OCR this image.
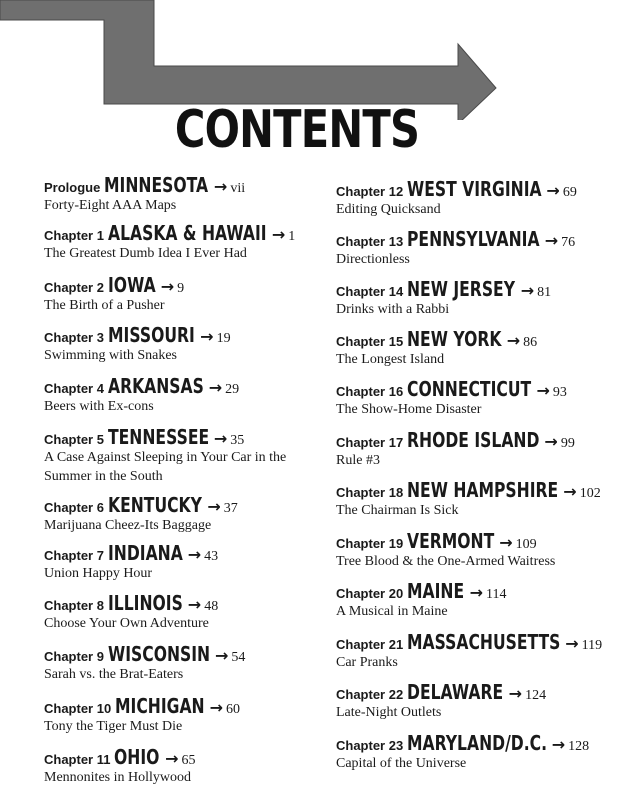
CONTENTS
Prologue MINNESOTA → vii
Forty-Eight AAA Maps
Chapter 1 ALASKA & HAWAII → 1
The Greatest Dumb Idea I Ever Had
Chapter 2 IOWA → 9
The Birth of a Pusher
Chapter 3 MISSOURI → 19
Swimming with Snakes
Chapter 4 ARKANSAS → 29
Beers with Ex-cons
Chapter 5 TENNESSEE → 35
A Case Against Sleeping in Your Car in the Summer in the South
Chapter 6 KENTUCKY → 37
Marijuana Cheez-Its Baggage
Chapter 7 INDIANA → 43
Union Happy Hour
Chapter 8 ILLINOIS → 48
Choose Your Own Adventure
Chapter 9 WISCONSIN → 54
Sarah vs. the Brat-Eaters
Chapter 10 MICHIGAN → 60
Tony the Tiger Must Die
Chapter 11 OHIO → 65
Mennonites in Hollywood
Chapter 12 WEST VIRGINIA → 69
Editing Quicksand
Chapter 13 PENNSYLVANIA → 76
Directionless
Chapter 14 NEW JERSEY → 81
Drinks with a Rabbi
Chapter 15 NEW YORK → 86
The Longest Island
Chapter 16 CONNECTICUT → 93
The Show-Home Disaster
Chapter 17 RHODE ISLAND → 99
Rule #3
Chapter 18 NEW HAMPSHIRE → 102
The Chairman Is Sick
Chapter 19 VERMONT → 109
Tree Blood & the One-Armed Waitress
Chapter 20 MAINE → 114
A Musical in Maine
Chapter 21 MASSACHUSETTS → 119
Car Pranks
Chapter 22 DELAWARE → 124
Late-Night Outlets
Chapter 23 MARYLAND/D.C. → 128
Capital of the Universe
